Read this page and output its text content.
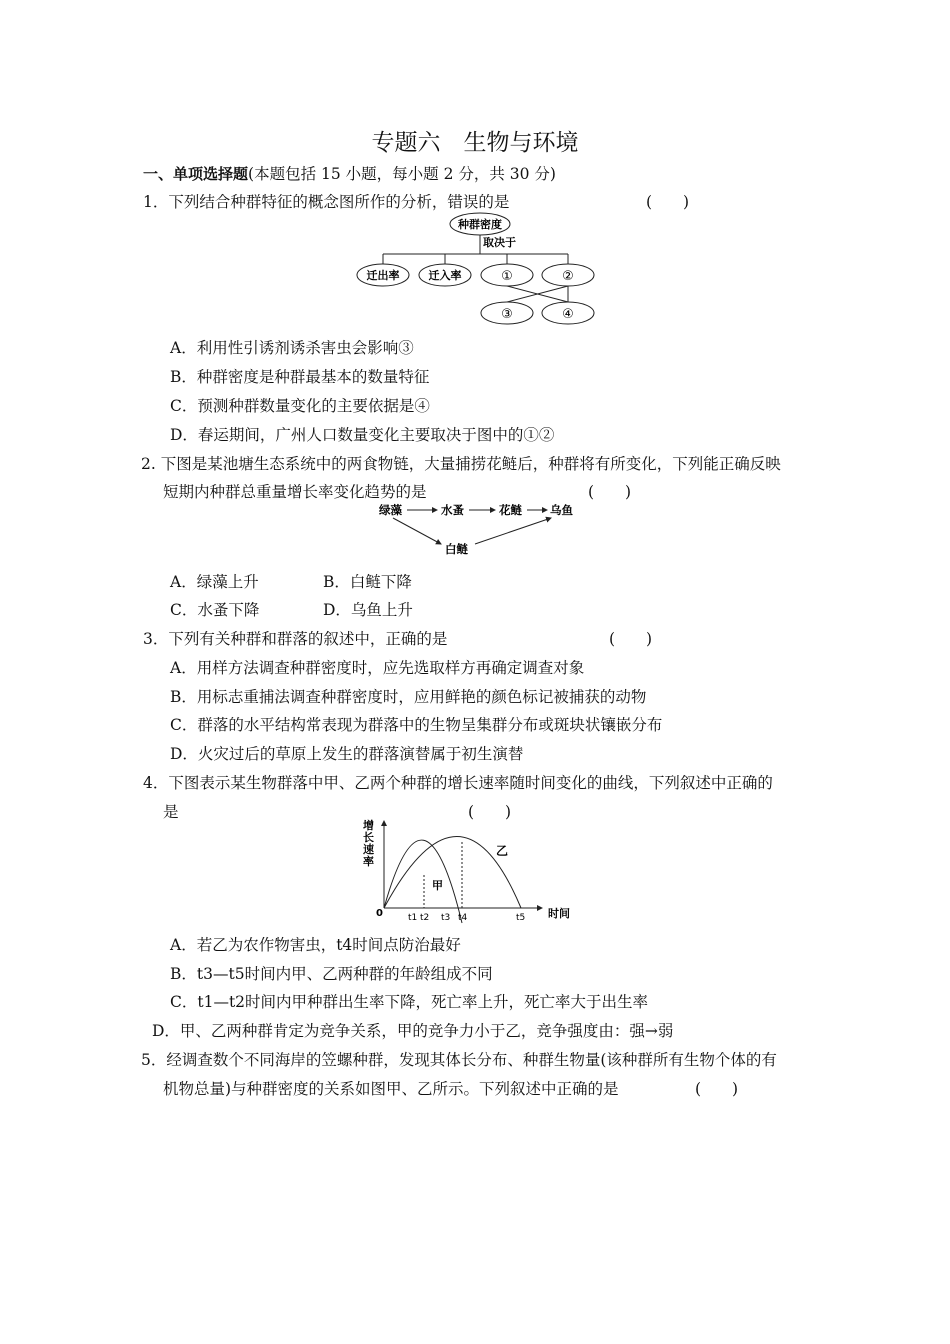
专题六　生物与环境
一、单项选择题(本题包括 15 小题，每小题 2 分，共 30 分)
1．下列结合种群特征的概念图所作的分析，错误的是	(　　)
种群密度
取决于
迁出率	迁入率	①	②
③	④
A．利用性引诱剂诱杀害虫会影响③
B．种群密度是种群最基本的数量特征
C．预测种群数量变化的主要依据是④
D．春运期间，广州人口数量变化主要取决于图中的①②
2. 下图是某池塘生态系统中的两食物链，大量捕捞花鲢后，种群将有所变化，下列能正确反映
短期内种群总重量增长率变化趋势的是	(　　)
绿藻	水蚤	花鲢 乌鱼
白鲢
A．绿藻上升	B．白鲢下降
C．水蚤下降	D．乌鱼上升
3．下列有关种群和群落的叙述中，正确的是	(　　)
A．用样方法调查种群密度时，应先选取样方再确定调查对象
B．用标志重捕法调查种群密度时，应用鲜艳的颜色标记被捕获的动物
C．群落的水平结构常表现为群落中的生物呈集群分布或斑块状镶嵌分布
D．火灾过后的草原上发生的群落演替属于初生演替
4．下图表示某生物群落中甲、乙两个种群的增长速率随时间变化的曲线，下列叙述中正确的
是	(　　)
增
长
速
率
0	时间
甲
乙
t1 t2 t3 t4	t5
A．若乙为农作物害虫，t4时间点防治最好
B．t3—t5时间内甲、乙两种群的年龄组成不同
C．t1—t2时间内甲种群出生率下降，死亡率上升，死亡率大于出生率
D．甲、乙两种群肯定为竞争关系，甲的竞争力小于乙，竞争强度由：强→弱
5．经调查数个不同海岸的笠螺种群，发现其体长分布、种群生物量(该种群所有生物个体的有
机物总量)与种群密度的关系如图甲、乙所示。下列叙述中正确的是	(　　)
